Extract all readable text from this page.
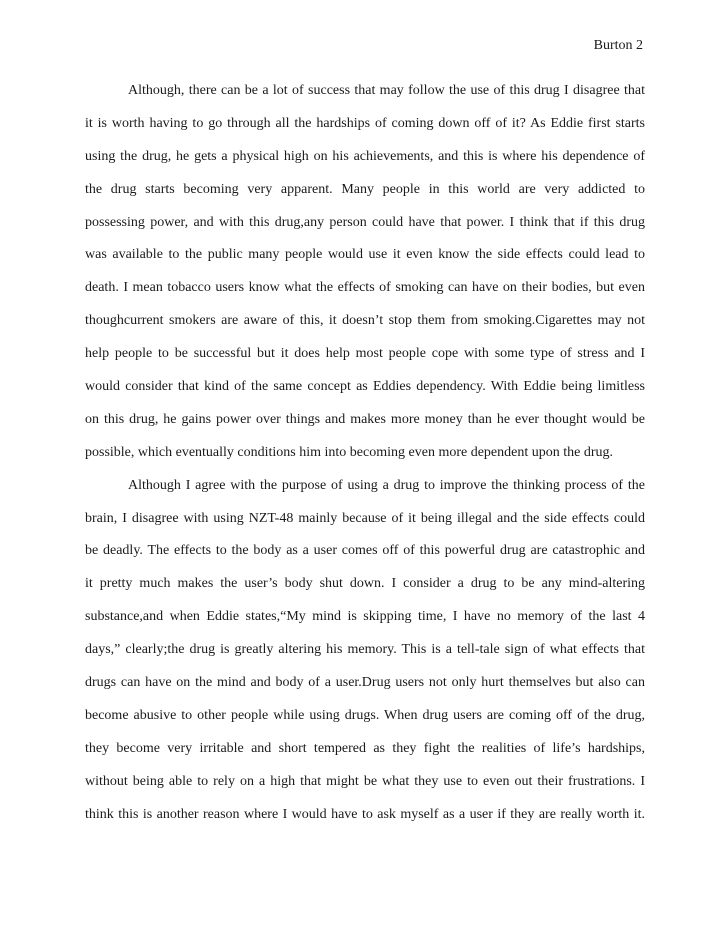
Burton 2
Although, there can be a lot of success that may follow the use of this drug I disagree that
it is worth having to go through all the hardships of coming down off of it? As Eddie first starts
using the drug, he gets a physical high on his achievements, and this is where his dependence of
the drug starts becoming very apparent. Many people in this world are very addicted to
possessing power, and with this drug,any person could have that power. I think that if this drug
was available to the public many people would use it even know the side effects could lead to
death. I mean tobacco users know what the effects of smoking can have on their bodies, but even
thoughcurrent smokers are aware of this, it doesn’t stop them from smoking.Cigarettes may not
help people to be successful but it does help most people cope with some type of stress and I
would consider that kind of the same concept as Eddies dependency. With Eddie being limitless
on this drug, he gains power over things and makes more money than he ever thought would be
possible, which eventually conditions him into becoming even more dependent upon the drug.
Although I agree with the purpose of using a drug to improve the thinking process of the
brain, I disagree with using NZT-48 mainly because of it being illegal and the side effects could
be deadly. The effects to the body as a user comes off of this powerful drug are catastrophic and
it pretty much makes the user’s body shut down. I consider a drug to be any mind-altering
substance,and when Eddie states,“My mind is skipping time, I have no memory of the last 4
days,” clearly;the drug is greatly altering his memory. This is a tell-tale sign of what effects that
drugs can have on the mind and body of a user.Drug users not only hurt themselves but also can
become abusive to other people while using drugs. When drug users are coming off of the drug,
they become very irritable and short tempered as they fight the realities of life’s hardships,
without being able to rely on a high that might be what they use to even out their frustrations. I
think this is another reason where I would have to ask myself as a user if they are really worth it.
